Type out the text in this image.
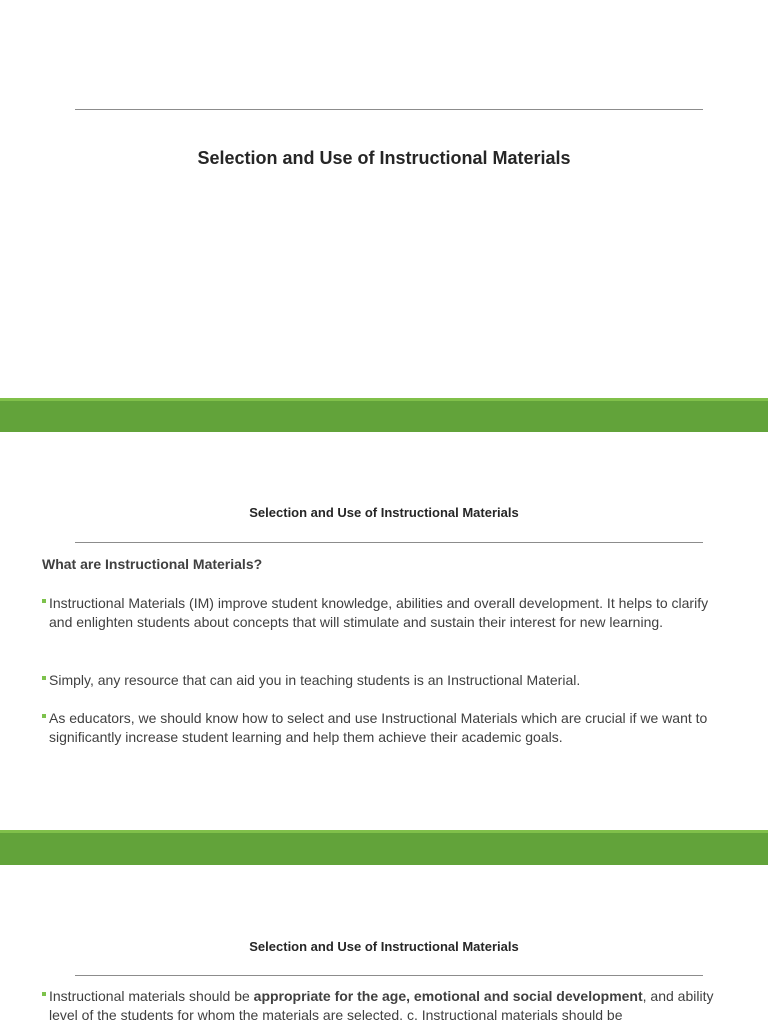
Selection and Use of Instructional Materials
Selection and Use of Instructional Materials
What are Instructional Materials?
Instructional Materials (IM) improve student knowledge, abilities and overall development. It helps to clarify and enlighten students about concepts that will stimulate and sustain their interest for new learning.
Simply, any resource that can aid you in teaching students is an Instructional Material.
As educators, we should know how to select and use Instructional Materials which are crucial if we want to significantly increase student learning and help them achieve their academic goals.
Selection and Use of Instructional Materials
Instructional materials should be appropriate for the age, emotional and social development, and ability level of the students for whom the materials are selected. c. Instructional materials should be
